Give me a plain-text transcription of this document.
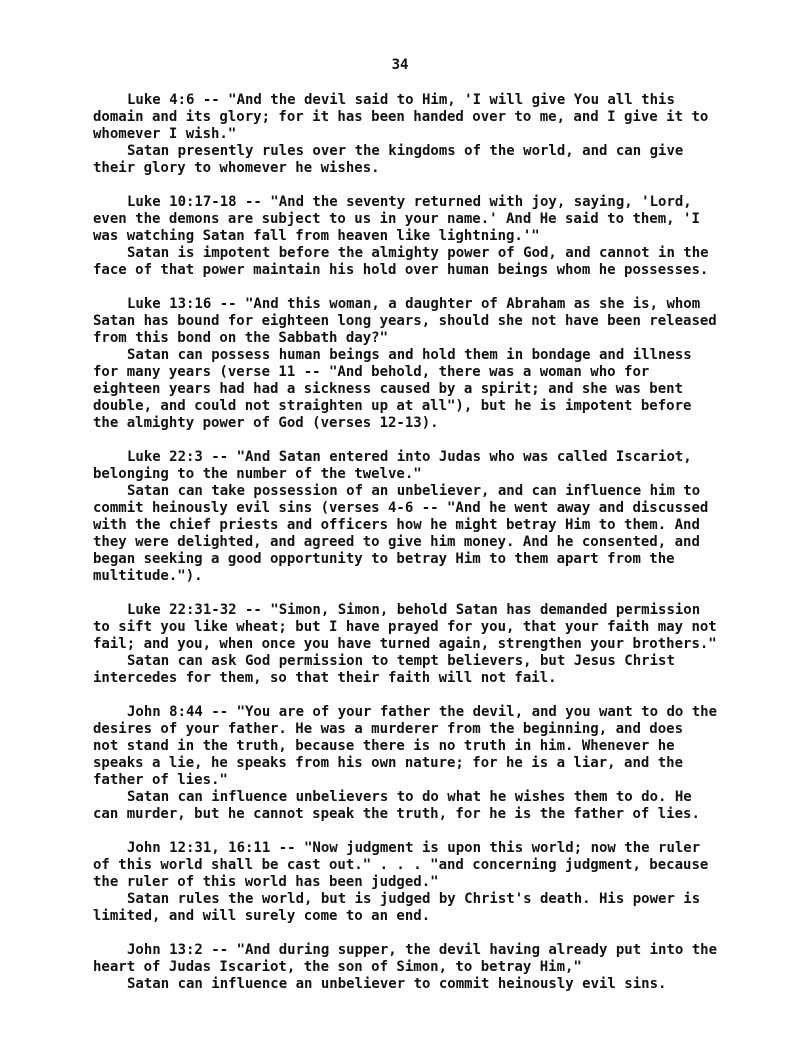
34

Luke 4:6 -- "And the devil said to Him, 'I will give You all this
domain and its glory; for it has been handed over to me, and I give it to
whomever I wish."

Satan presently rules over the kingdoms of the world, and can give
their glory to whomever he wishes.

Luke 10:17-18 -- "And the seventy returned with joy, saying, 'Lord,
even the demons are subject to us in your name.' And He said to them, 'I
was watching Satan fall from heaven like lightning.'"

Satan is impotent before the almighty power of God, and cannot in the
face of that power maintain his hold over human beings whom he possesses.

Luke 13:16 -- "And this woman, a daughter of Abraham as she is, whom
Satan has bound for eighteen long years, should she not have been released
from this bond on the Sabbath day?"

Satan can possess human beings and hold them in bondage and illness
for many years (verse 11 -- "And behold, there was a woman who for
eighteen years had had a sickness caused by a spirit; and she was bent
double, and could not straighten up at all"), but he is impotent before
the almighty power of God (verses 12-13).

Luke 22:3 -- "And Satan entered into Judas who was called Iscariot,
belonging to the number of the twelve."

Satan can take possession of an unbeliever, and can influence him to
commit heinously evil sins (verses 4-6 -- "And he went away and discussed
with the chief priests and officers how he might betray Him to them. And
they were delighted, and agreed to give him money. And he consented, and
began seeking a good opportunity to betray Him to them apart from the
multitude.").

Luke 22:31-32 -- "Simon, Simon, behold Satan has demanded permission
to sift you like wheat; but I have prayed for you, that your faith may not
fail; and you, when once you have turned again, strengthen your brothers."

Satan can ask God permission to tempt believers, but Jesus Christ
intercedes for them, so that their faith will not fail.

John 8:44 -- "You are of your father the devil, and you want to do the
desires of your father. He was a murderer from the beginning, and does
not stand in the truth, because there is no truth in him. Whenever he
speaks a lie, he speaks from his own nature; for he is a liar, and the
father of lies."

Satan can influence unbelievers to do what he wishes them to do. He
can murder, but he cannot speak the truth, for he is the father of lies.

John 12:31, 16:11 -- "Now judgment is upon this world; now the ruler
of this world shall be cast out." . . . "and concerning judgment, because
the ruler of this world has been judged."

Satan rules the world, but is judged by Christ's death. His power is
limited, and will surely come to an end.

John 13:2 -- "And during supper, the devil having already put into the
heart of Judas Iscariot, the son of Simon, to betray Him,"

Satan can influence an unbeliever to commit heinously evil sins.
